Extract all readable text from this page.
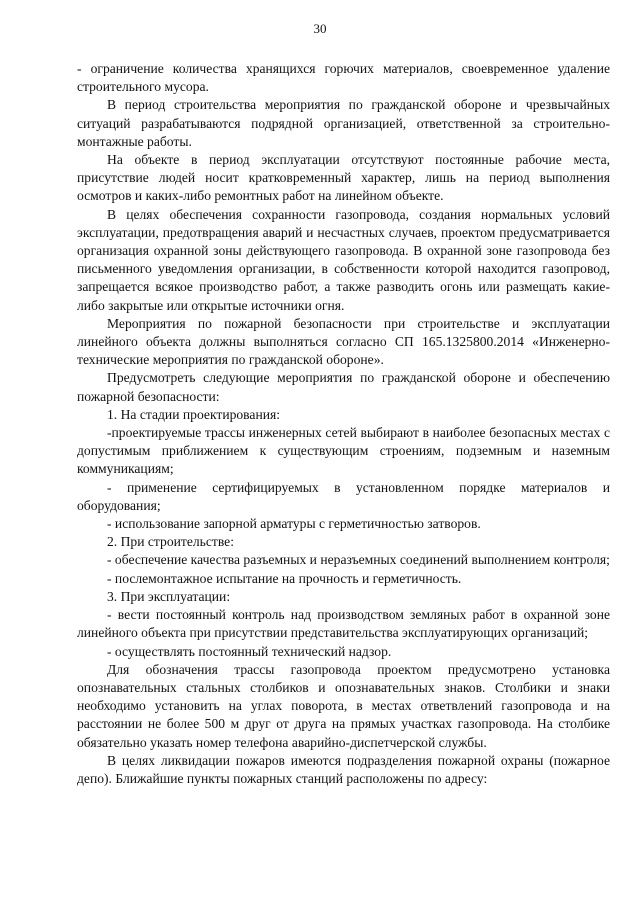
30

- ограничение количества хранящихся горючих материалов, своевременное удаление строительного мусора.

В период строительства мероприятия по гражданской обороне и чрезвычайных ситуаций разрабатываются подрядной организацией, ответственной за строительно-монтажные работы.

На объекте в период эксплуатации отсутствуют постоянные рабочие места, присутствие людей носит кратковременный характер, лишь на период выполнения осмотров и каких-либо ремонтных работ на линейном объекте.

В целях обеспечения сохранности газопровода, создания нормальных условий эксплуатации, предотвращения аварий и несчастных случаев, проектом предусматривается организация охранной зоны действующего газопровода. В охранной зоне газопровода без письменного уведомления организации, в собственности которой находится газопровод, запрещается всякое производство работ, а также разводить огонь или размещать какие-либо закрытые или открытые источники огня.

Мероприятия по пожарной безопасности при строительстве и эксплуатации линейного объекта должны выполняться согласно СП 165.1325800.2014 «Инженерно-технические мероприятия по гражданской обороне».

Предусмотреть следующие мероприятия по гражданской обороне и обеспечению пожарной безопасности:

1. На стадии проектирования:

-проектируемые трассы инженерных сетей выбирают в наиболее безопасных местах с допустимым приближением к существующим строениям, подземным и наземным коммуникациям;

- применение сертифицируемых в установленном порядке материалов и оборудования;

- использование запорной арматуры с герметичностью затворов.

2. При строительстве:

- обеспечение качества разъемных и неразъемных соединений выполнением контроля;

- послемонтажное испытание на прочность и герметичность.

3. При эксплуатации:

- вести постоянный контроль над производством земляных работ в охранной зоне линейного объекта при присутствии представительства эксплуатирующих организаций;

- осуществлять постоянный технический надзор.

Для обозначения трассы газопровода проектом предусмотрено установка опознавательных стальных столбиков и опознавательных знаков. Столбики и знаки необходимо установить на углах поворота, в местах ответвлений газопровода и на расстоянии не более 500 м друг от друга на прямых участках газопровода. На столбике обязательно указать номер телефона аварийно-диспетчерской службы.

В целях ликвидации пожаров имеются подразделения пожарной охраны (пожарное депо). Ближайшие пункты пожарных станций расположены по адресу:
